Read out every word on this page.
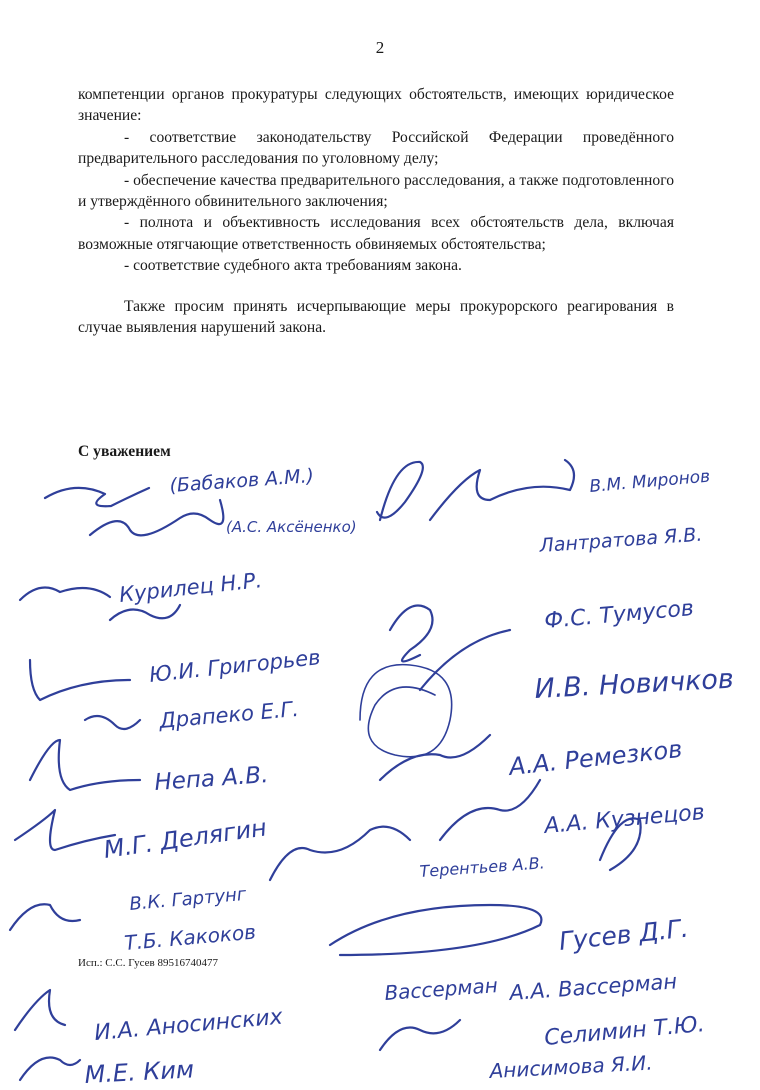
2

компетенции органов прокуратуры следующих обстоятельств, имеющих юридическое значение:

- соответствие законодательству Российской Федерации проведённого предварительного расследования по уголовному делу;

- обеспечение качества предварительного расследования, а также подготовленного и утверждённого обвинительного заключения;

- полнота и объективность исследования всех обстоятельств дела, включая возможные отягчающие ответственность обвиняемых обстоятельства;

- соответствие судебного акта требованиям закона.

Также просим принять исчерпывающие меры прокурорского реагирования в случае выявления нарушений закона.

С уважением
(Бабаков А.М.)
(А.С. Аксёненко)
В.М. Миронов
Лантратова Я.В.
Курилец Н.Р.
Ф.С. Тумусов
Ю.И. Григорьев	И.В. Новичков
Драпеко Е.Г.
Непа А.В.	А.А. Ремезков
А.А. Кузнецов
М.Г. Делягин
В.К. Гартунг
Терентьев А.В.
Т.Б. Какоков	Гусев Д.Г.
Вассерман А.А. Вассерман
И.А. Аносинских	Селимин Т.Ю.
Анисимова Я.И.
М.Е. Ким
Исп.: С.С. Гусев 89516740477
